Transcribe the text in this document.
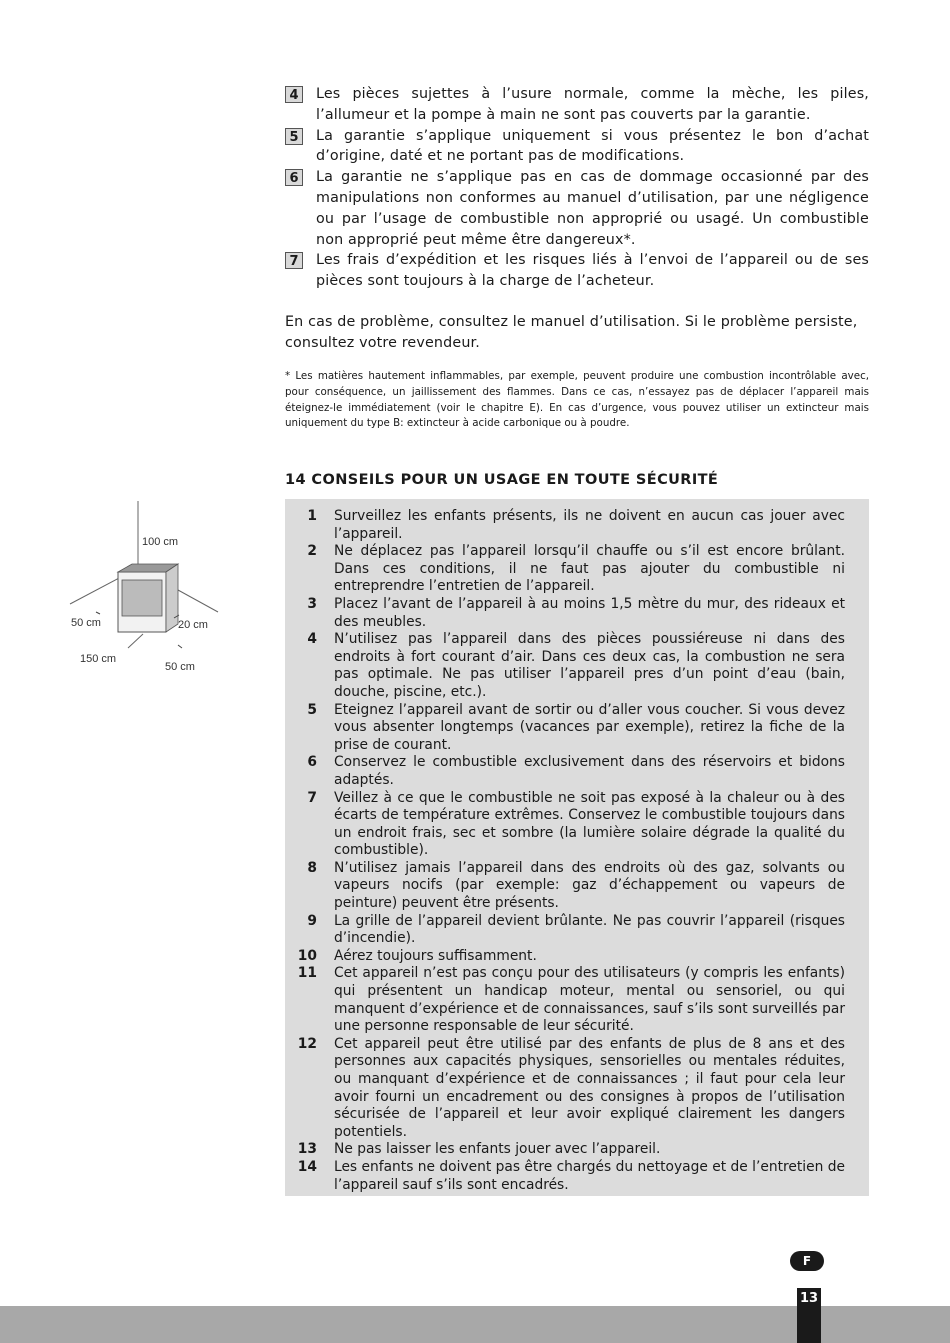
4	Les pièces sujettes à l’usure normale, comme la mèche, les piles, l’allumeur et la pompe à main ne sont pas couverts par la garantie.
5	La garantie s’applique uniquement si vous présentez le bon d’achat d’origine, daté et ne portant pas de modifications.
6	La garantie ne s’applique pas en cas de dommage occasionné par des manipulations non conformes au manuel d’utilisation, par une négligence ou par l’usage de combustible non approprié ou usagé. Un combustible non approprié peut même être dangereux*.
7	Les frais d’expédition et les risques liés à l’envoi de l’appareil ou de ses pièces sont toujours à la charge de l’acheteur.
En cas de problème, consultez le manuel d’utilisation. Si le problème persiste, consultez votre revendeur.
* Les matières hautement inflammables, par exemple, peuvent produire une combustion incontrôlable avec, pour conséquence, un jaillissement des flammes. Dans ce cas, n’essayez pas de déplacer l’appareil mais éteignez-le immédiatement (voir le chapitre E). En cas d’urgence, vous pouvez utiliser un extincteur mais uniquement du type B: extincteur à acide carbonique ou à poudre.
14 CONSEILS POUR UN USAGE EN TOUTE SÉCURITÉ
100 cm
50 cm	20 cm
150 cm
50 cm
1 Surveillez les enfants présents, ils ne doivent en aucun cas jouer avec l’appareil.
2 Ne déplacez pas l’appareil lorsqu’il chauffe ou s’il est encore brûlant. Dans ces conditions, il ne faut pas ajouter du combustible ni entreprendre l’entretien de l’appareil.
3 Placez l’avant de l’appareil à au moins 1,5 mètre du mur, des rideaux et des meubles.
4 N’utilisez pas l’appareil dans des pièces poussiéreuse ni dans des endroits à fort courant d’air. Dans ces deux cas, la combustion ne sera pas optimale. Ne pas utiliser l’appareil pres d’un point d’eau (bain, douche, piscine, etc.).
5 Eteignez l’appareil avant de sortir ou d’aller vous coucher. Si vous devez vous absenter longtemps (vacances par exemple), retirez la fiche de la prise de courant.
6 Conservez le combustible exclusivement dans des réservoirs et bidons adaptés.
7 Veillez à ce que le combustible ne soit pas exposé à la chaleur ou à des écarts de température extrêmes. Conservez le combustible toujours dans un endroit frais, sec et sombre (la lumière solaire dégrade la qualité du combustible).
8 N’utilisez jamais l’appareil dans des endroits où des gaz, solvants ou vapeurs nocifs (par exemple: gaz d’échappement ou vapeurs de peinture) peuvent être présents.
9 La grille de l’appareil devient brûlante. Ne pas couvrir l’appareil (risques d’incendie).
10 Aérez toujours suffisamment.
11 Cet appareil n’est pas conçu pour des utilisateurs (y compris les enfants) qui présentent un handicap moteur, mental ou sensoriel, ou qui manquent d’expérience et de connaissances, sauf s’ils sont surveillés par une personne responsable de leur sécurité.
12 Cet appareil peut être utilisé par des enfants de plus de 8 ans et des personnes aux capacités physiques, sensorielles ou mentales réduites, ou manquant d’expérience et de connaissances ; il faut pour cela leur avoir fourni un encadrement ou des consignes à propos de l’utilisation sécurisée de l’appareil et leur avoir expliqué clairement les dangers potentiels.
13 Ne pas laisser les enfants jouer avec l’appareil.
14 Les enfants ne doivent pas être chargés du nettoyage et de l’entretien de l’appareil sauf s’ils sont encadrés.
F
13
